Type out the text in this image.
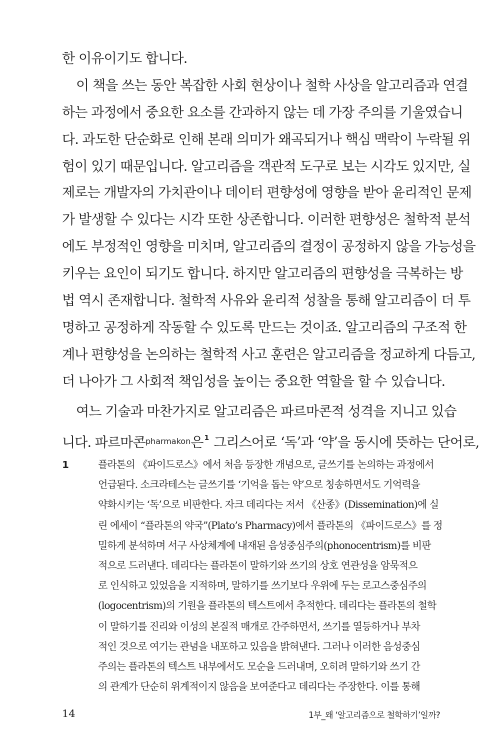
한 이유이기도 합니다.
이 책을 쓰는 동안 복잡한 사회 현상이나 철학 사상을 알고리즘과 연결
하는 과정에서 중요한 요소를 간과하지 않는 데 가장 주의를 기울였습니
다. 과도한 단순화로 인해 본래 의미가 왜곡되거나 핵심 맥락이 누락될 위
험이 있기 때문입니다. 알고리즘을 객관적 도구로 보는 시각도 있지만, 실
제로는 개발자의 가치관이나 데이터 편향성에 영향을 받아 윤리적인 문제
가 발생할 수 있다는 시각 또한 상존합니다. 이러한 편향성은 철학적 분석
에도 부정적인 영향을 미치며, 알고리즘의 결정이 공정하지 않을 가능성을
키우는 요인이 되기도 합니다. 하지만 알고리즘의 편향성을 극복하는 방
법 역시 존재합니다. 철학적 사유와 윤리적 성찰을 통해 알고리즘이 더 투
명하고 공정하게 작동할 수 있도록 만드는 것이죠. 알고리즘의 구조적 한
계나 편향성을 논의하는 철학적 사고 훈련은 알고리즘을 정교하게 다듬고,
더 나아가 그 사회적 책임성을 높이는 중요한 역할을 할 수 있습니다.
여느 기술과 마찬가지로 알고리즘은 파르마콘적 성격을 지니고 있습
니다. 파르마콘$^{pharmakon}$은$^1$ 그리스어로 ‘독’과 ‘약’을 동시에 뜻하는 단어로,
1	플라톤의 《파이드로스》에서 처음 등장한 개념으로, 글쓰기를 논의하는 과정에서
언급된다. 소크라테스는 글쓰기를 ‘기억을 돕는 약’으로 칭송하면서도 기억력을
약화시키는 ‘독’으로 비판한다. 자크 데리다는 저서 《산종》(Dissemination)에 실
린 에세이 “플라톤의 약국”(Plato’s Pharmacy)에서 플라톤의 《파이드로스》를 정
밀하게 분석하며 서구 사상체계에 내재된 음성중심주의(phonocentrism)를 비판
적으로 드러낸다. 데리다는 플라톤이 말하기와 쓰기의 상호 연관성을 암묵적으
로 인식하고 있었음을 지적하며, 말하기를 쓰기보다 우위에 두는 로고스중심주의
(logocentrism)의 기원을 플라톤의 텍스트에서 추적한다. 데리다는 플라톤의 철학
이 말하기를 진리와 이성의 본질적 매개로 간주하면서, 쓰기를 열등하거나 부차
적인 것으로 여기는 관념을 내포하고 있음을 밝혀낸다. 그러나 이러한 음성중심
주의는 플라톤의 텍스트 내부에서도 모순을 드러내며, 오히려 말하기와 쓰기 간
의 관계가 단순히 위계적이지 않음을 보여준다고 데리다는 주장한다. 이를 통해
14	1부_왜 ‘알고리즘으로 철학하기’일까?
